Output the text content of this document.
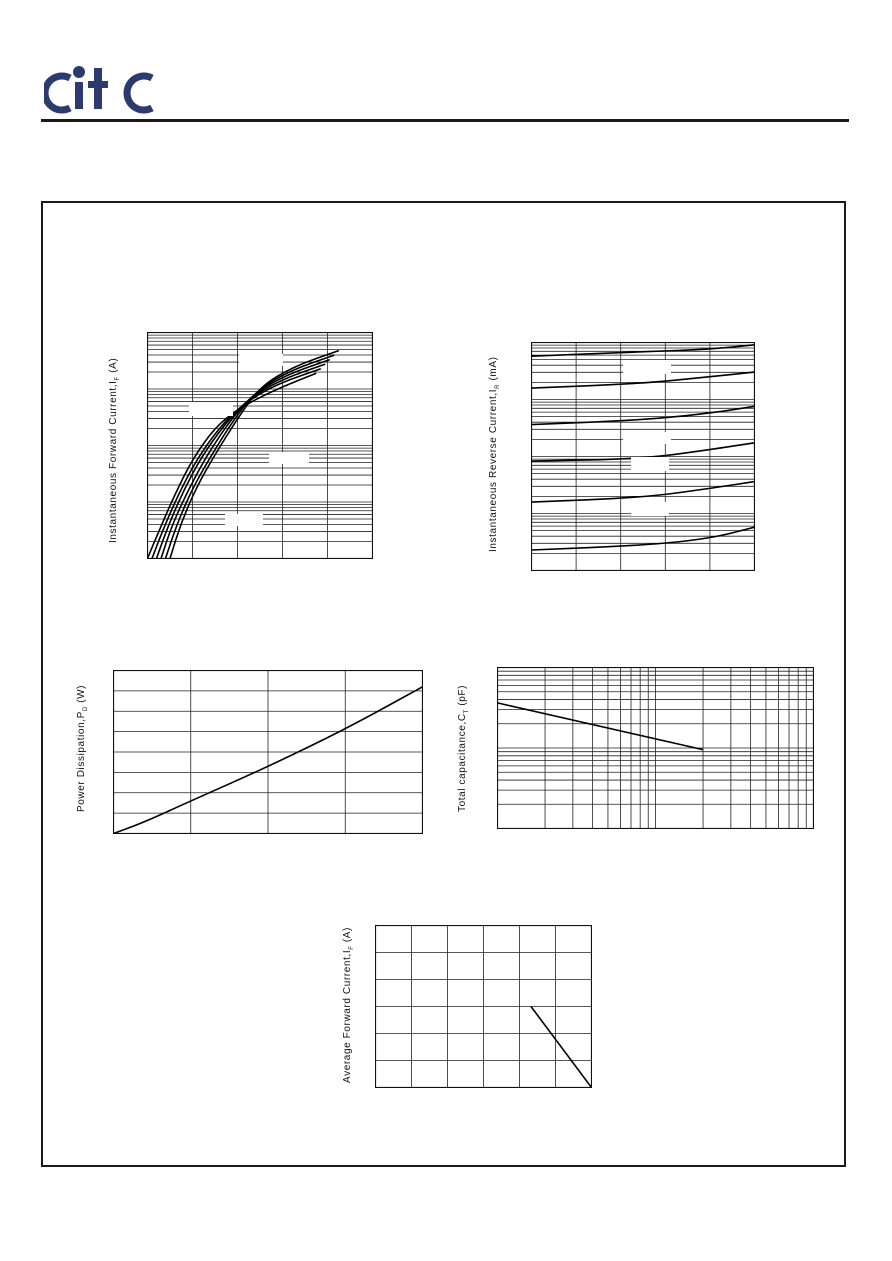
Instantaneous Forward $Current,I_F$ (A)
Instantaneous Reverse $Current,I_R$ (mA)
Power $Dissipation,P_D$ (W)
Total $capacitance,C_T$ (pF)
Average Forward $Current,I_F$ (A)
